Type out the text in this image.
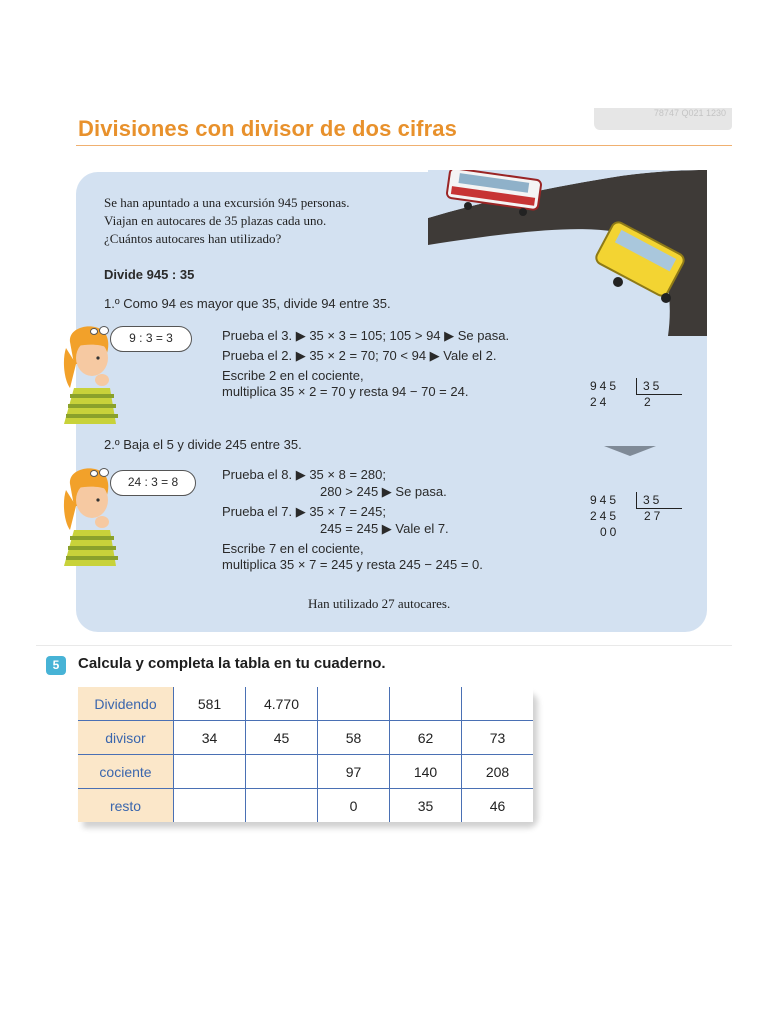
78747 Q021 1230
Divisiones con divisor de dos cifras
Se han apuntado a una excursión 945 personas.
Viajan en autocares de 35 plazas cada uno.
¿Cuántos autocares han utilizado?
Divide 945 : 35
1.º Como 94 es mayor que 35, divide 94 entre 35.
9 : 3 = 3	Prueba el 3. ▶ 35 × 3 = 105; 105 > 94 ▶ Se pasa.
Prueba el 2. ▶ 35 × 2 = 70; 70 < 94 ▶ Vale el 2.
Escribe 2 en el cociente,
multiplica 35 × 2 = 70 y resta 94 − 70 = 24.	945
24
35
2
2.º Baja el 5 y divide 245 entre 35.
24 : 3 = 8	Prueba el 8. ▶ 35 × 8 = 280;
280 > 245 ▶ Se pasa.
Prueba el 7. ▶ 35 × 7 = 245;
245 = 245 ▶ Vale el 7.
Escribe 7 en el cociente,
multiplica 35 × 7 = 245 y resta 245 − 245 = 0.
945
245
00
35
27
Han utilizado 27 autocares.
5	Calcula y completa la tabla en tu cuaderno.
Dividendo	581	4.770			
divisor	34	45	58	62	73
cociente			97	140	208
resto			0	35	46
